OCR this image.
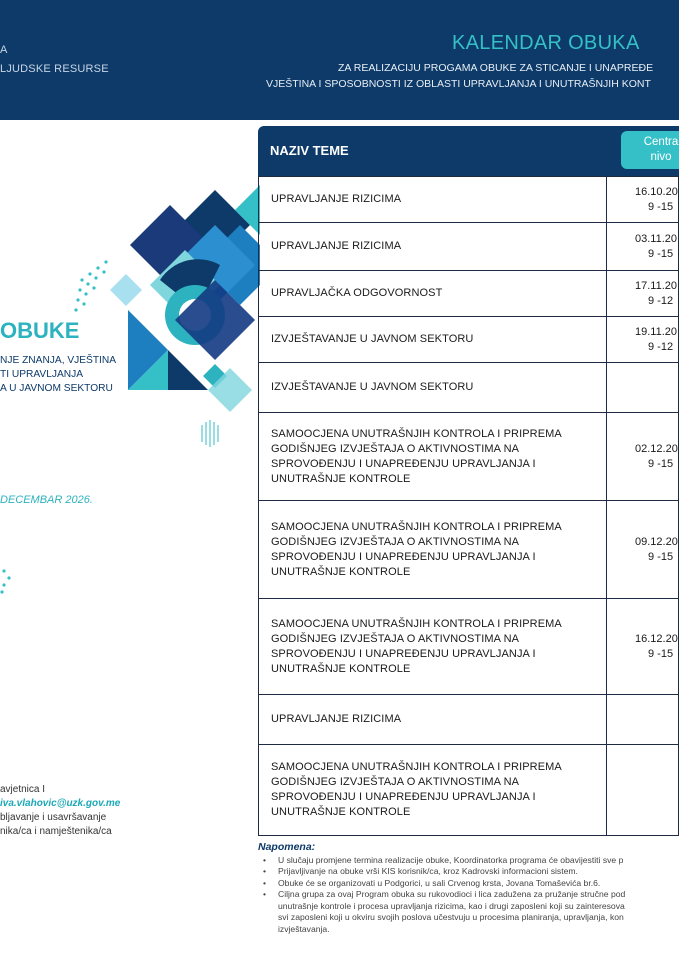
A
LJUDSKE RESURSE
KALENDAR OBUKA
ZA REALIZACIJU PROGAMA OBUKE ZA STICANJE I UNAPREĐE
VJEŠTINA I SPOSOBNOSTI IZ OBLASTI UPRAVLJANJA I UNUTRAŠNJIH KONT
OBUKE
NJE ZNANJA, VJEŠTINA
TI UPRAVLJANJA
A U JAVNOM SEKTORU
DECEMBAR 2026.
avjetnica I
iva.vlahovic@uzk.gov.me
bljavanje i usavršavanje
nika/ca i namještenika/ca
NAZIV TEME
Centra
nivo
UPRAVLJANJE RIZICIMA
16.10.20
9 -15
UPRAVLJANJE RIZICIMA
03.11.20
9 -15
UPRAVLJAČKA ODGOVORNOST
17.11.20
9 -12
IZVJEŠTAVANJE U JAVNOM SEKTORU
19.11.20
9 -12
IZVJEŠTAVANJE U JAVNOM SEKTORU
SAMOOCJENA UNUTRAŠNJIH KONTROLA I PRIPREMA
GODIŠNJEG IZVJEŠTAJA O AKTIVNOSTIMA NA
SPROVOĐENJU I UNAPREĐENJU UPRAVLJANJA I
UNUTRAŠNJE KONTROLE
02.12.20
9 -15
SAMOOCJENA UNUTRAŠNJIH KONTROLA I PRIPREMA
GODIŠNJEG IZVJEŠTAJA O AKTIVNOSTIMA NA
SPROVOĐENJU I UNAPREĐENJU UPRAVLJANJA I
UNUTRAŠNJE KONTROLE
09.12.20
9 -15
SAMOOCJENA UNUTRAŠNJIH KONTROLA I PRIPREMA
GODIŠNJEG IZVJEŠTAJA O AKTIVNOSTIMA NA
SPROVOĐENJU I UNAPREĐENJU UPRAVLJANJA I
UNUTRAŠNJE KONTROLE
16.12.20
9 -15
UPRAVLJANJE RIZICIMA
SAMOOCJENA UNUTRAŠNJIH KONTROLA I PRIPREMA
GODIŠNJEG IZVJEŠTAJA O AKTIVNOSTIMA NA
SPROVOĐENJU I UNAPREĐENJU UPRAVLJANJA I
UNUTRAŠNJE KONTROLE
Napomena:
• U slučaju promjene termina realizacije obuke, Koordinatorka programa će obavijestiti sve p
• Prijavljivanje na obuke vrši KIS korisnik/ca, kroz Kadrovski informacioni sistem.
• Obuke će se organizovati u Podgorici, u sali Crvenog krsta, Jovana Tomaševića br.6.
• Ciljna grupa za ovaj Program obuka su rukovodioci i lica zadužena za pružanje stručne pod
unutrašnje kontrole i procesa upravljanja rizicima, kao i drugi zaposleni koji su zainteresova
svi zaposleni koji u okviru svojih poslova učestvuju u procesima planiranja, upravljanja, kon
izvještavanja.
